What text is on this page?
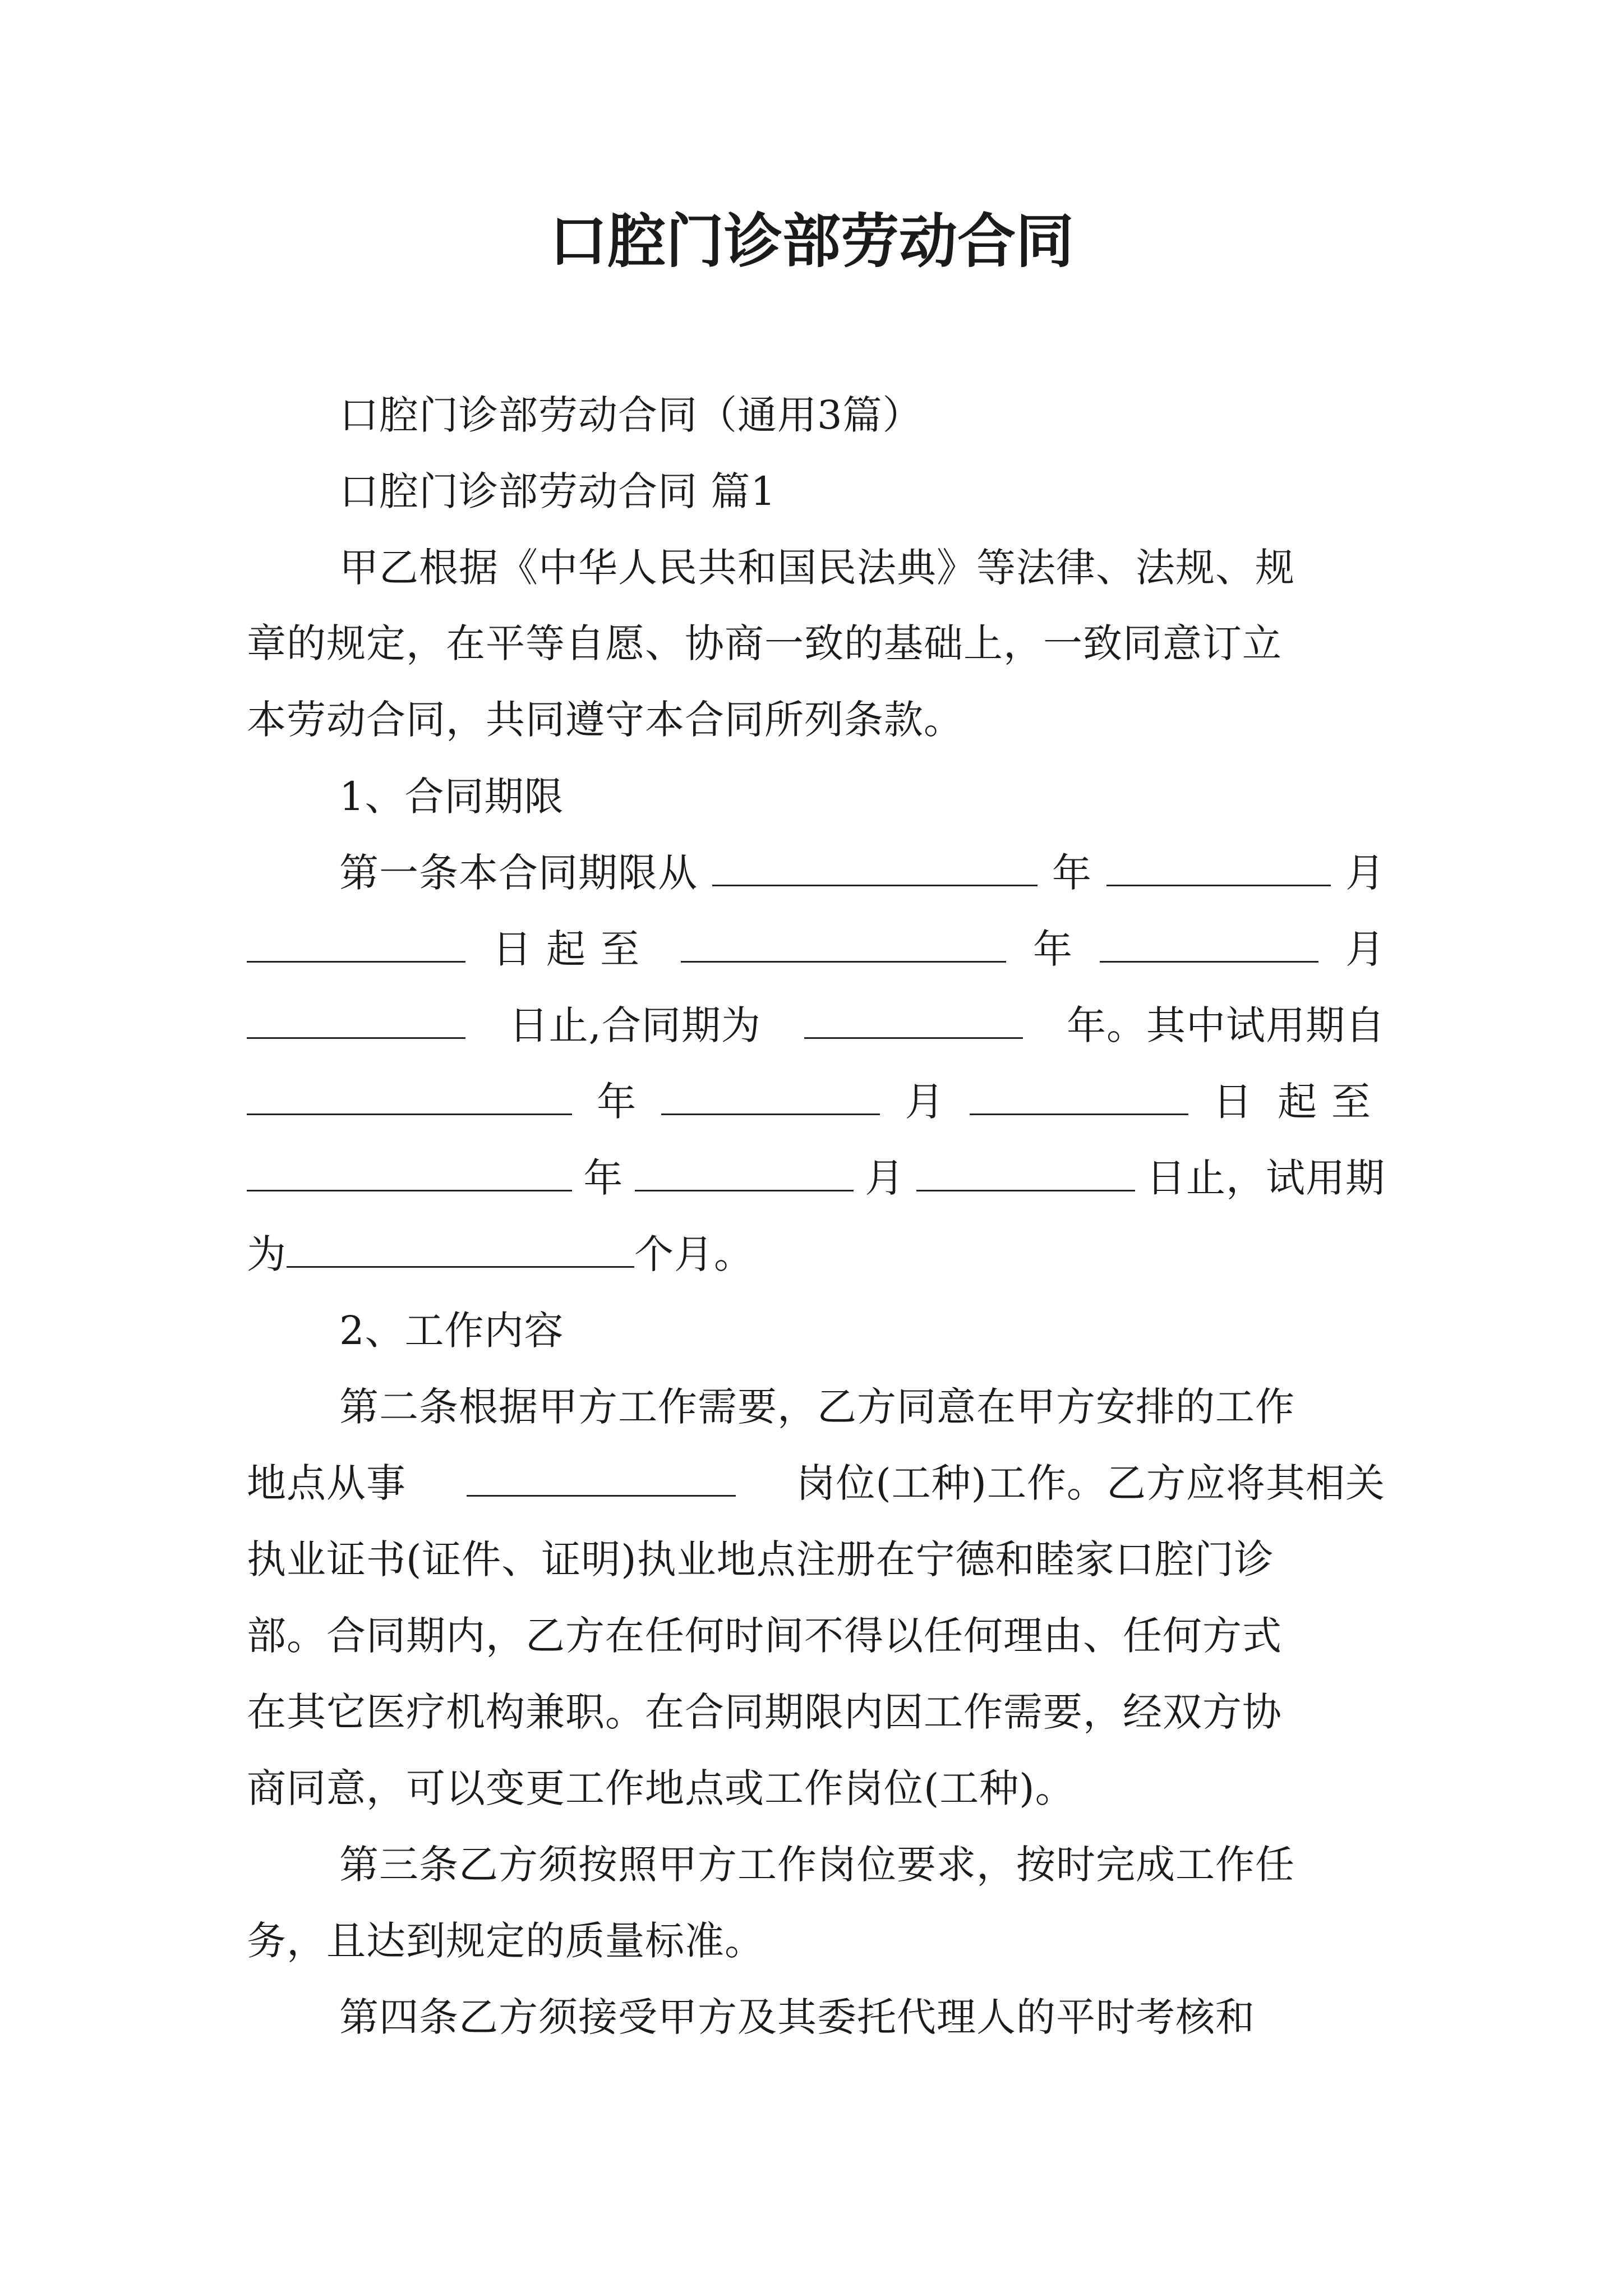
口腔门诊部劳动合同
口腔门诊部劳动合同（通用3篇）
口腔门诊部劳动合同 篇1
甲乙根据《中华人民共和国民法典》等法律、法规、规
章的规定，在平等自愿、协商一致的基础上，一致同意订立
本劳动合同，共同遵守本合同所列条款。
1、合同期限
第一条本合同期限从	年	月
日起至	年	月
日止,合同期为	年。其中试用期自
年	月	日 起至
年	月	日止，试用期
为	个月。
2、工作内容
第二条根据甲方工作需要，乙方同意在甲方安排的工作
地点从事	岗位(工种)工作。乙方应将其相关
执业证书(证件、证明)执业地点注册在宁德和睦家口腔门诊
部。合同期内，乙方在任何时间不得以任何理由、任何方式
在其它医疗机构兼职。在合同期限内因工作需要，经双方协
商同意，可以变更工作地点或工作岗位(工种)。
第三条乙方须按照甲方工作岗位要求，按时完成工作任
务，且达到规定的质量标准。
第四条乙方须接受甲方及其委托代理人的平时考核和
